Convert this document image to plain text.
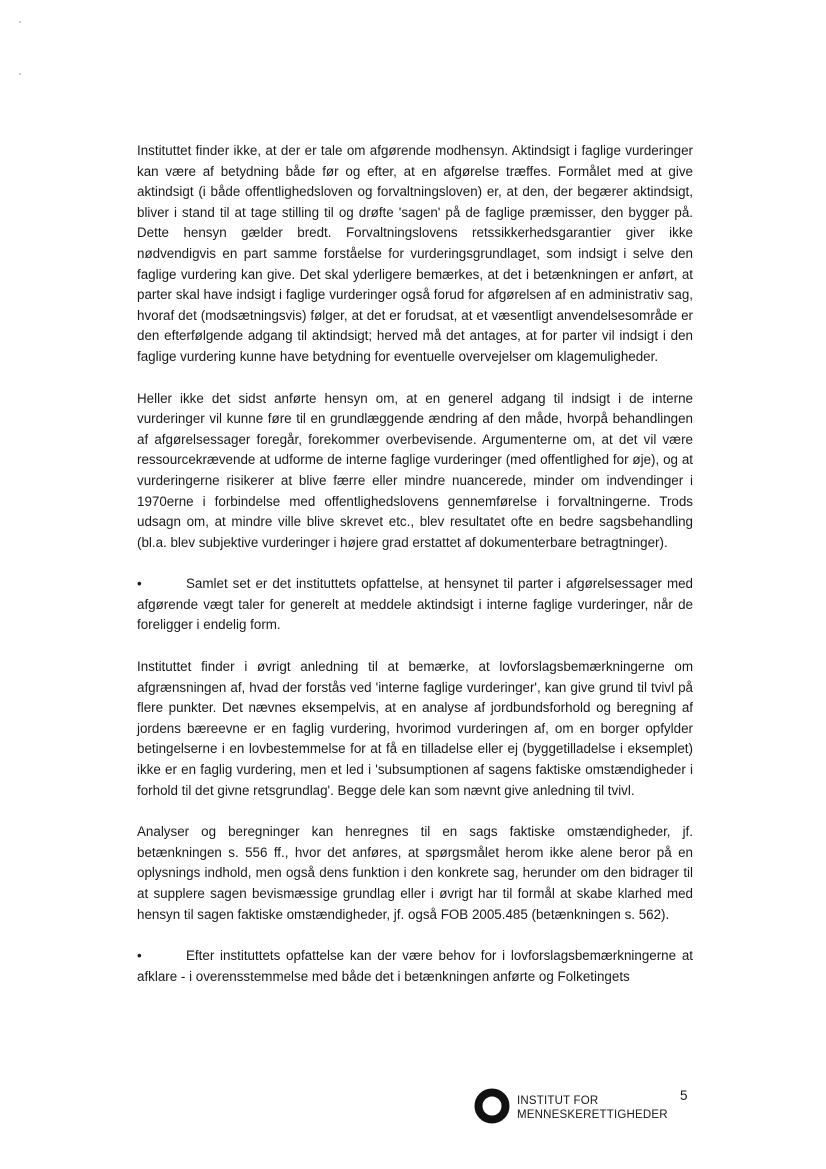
Instituttet finder ikke, at der er tale om afgørende modhensyn. Aktindsigt i faglige vurderinger kan være af betydning både før og efter, at en afgørelse træffes. Formålet med at give aktindsigt (i både offentlighedsloven og forvaltningsloven) er, at den, der begærer aktindsigt, bliver i stand til at tage stilling til og drøfte 'sagen' på de faglige præmisser, den bygger på. Dette hensyn gælder bredt. Forvaltningslovens retssikkerhedsgarantier giver ikke nødvendigvis en part samme forståelse for vurderingsgrundlaget, som indsigt i selve den faglige vurdering kan give. Det skal yderligere bemærkes, at det i betænkningen er anført, at parter skal have indsigt i faglige vurderinger også forud for afgørelsen af en administrativ sag, hvoraf det (modsætningsvis) følger, at det er forudsat, at et væsentligt anvendelsesområde er den efterfølgende adgang til aktindsigt; herved må det antages, at for parter vil indsigt i den faglige vurdering kunne have betydning for eventuelle overvejelser om klagemuligheder.

Heller ikke det sidst anførte hensyn om, at en generel adgang til indsigt i de interne vurderinger vil kunne føre til en grundlæggende ændring af den måde, hvorpå behandlingen af afgørelsessager foregår, forekommer overbevisende. Argumenterne om, at det vil være ressourcekrævende at udforme de interne faglige vurderinger (med offentlighed for øje), og at vurderingerne risikerer at blive færre eller mindre nuancerede, minder om indvendinger i 1970erne i forbindelse med offentlighedslovens gennemførelse i forvaltningerne. Trods udsagn om, at mindre ville blive skrevet etc., blev resultatet ofte en bedre sagsbehandling (bl.a. blev subjektive vurderinger i højere grad erstattet af dokumenterbare betragtninger).

•	Samlet set er det instituttets opfattelse, at hensynet til parter i afgørelsessager med afgørende vægt taler for generelt at meddele aktindsigt i interne faglige vurderinger, når de foreligger i endelig form.

Instituttet finder i øvrigt anledning til at bemærke, at lovforslagsbemærkningerne om afgrænsningen af, hvad der forstås ved 'interne faglige vurderinger', kan give grund til tvivl på flere punkter. Det nævnes eksempelvis, at en analyse af jordbundsforhold og beregning af jordens bæreevne er en faglig vurdering, hvorimod vurderingen af, om en borger opfylder betingelserne i en lovbestemmelse for at få en tilladelse eller ej (byggetilladelse i eksemplet) ikke er en faglig vurdering, men et led i 'subsumptionen af sagens faktiske omstændigheder i forhold til det givne retsgrundlag'. Begge dele kan som nævnt give anledning til tvivl.

Analyser og beregninger kan henregnes til en sags faktiske omstændigheder, jf. betænkningen s. 556 ff., hvor det anføres, at spørgsmålet herom ikke alene beror på en oplysnings indhold, men også dens funktion i den konkrete sag, herunder om den bidrager til at supplere sagen bevismæssige grundlag eller i øvrigt har til formål at skabe klarhed med hensyn til sagen faktiske omstændigheder, jf. også FOB 2005.485 (betænkningen s. 562).

•	Efter instituttets opfattelse kan der være behov for i lovforslagsbemærkningerne at afklare - i overensstemmelse med både det i betænkningen anførte og Folketingets

INSTITUT FOR
MENNESKERETTIGHEDER
5
